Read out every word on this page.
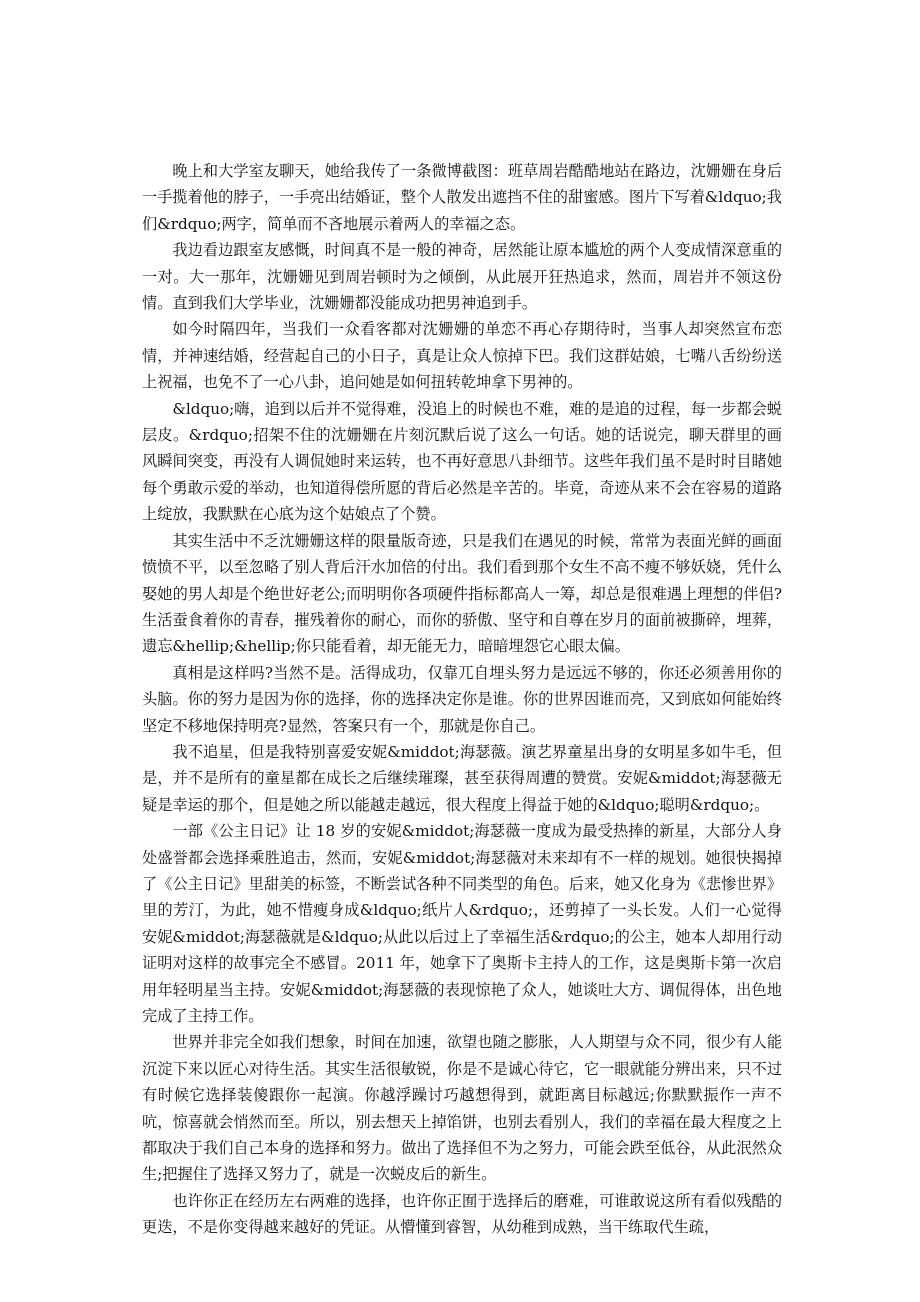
晚上和大学室友聊天，她给我传了一条微博截图：班草周岩酷酷地站在路边，沈姗姗在身后一手揽着他的脖子，一手亮出结婚证，整个人散发出遮挡不住的甜蜜感。图片下写着&ldquo;我们&rdquo;两字，简单而不吝地展示着两人的幸福之态。

我边看边跟室友感慨，时间真不是一般的神奇，居然能让原本尴尬的两个人变成情深意重的一对。大一那年，沈姗姗见到周岩顿时为之倾倒，从此展开狂热追求，然而，周岩并不领这份情。直到我们大学毕业，沈姗姗都没能成功把男神追到手。

如今时隔四年，当我们一众看客都对沈姗姗的单恋不再心存期待时，当事人却突然宣布恋情，并神速结婚，经营起自己的小日子，真是让众人惊掉下巴。我们这群姑娘，七嘴八舌纷纷送上祝福，也免不了一心八卦，追问她是如何扭转乾坤拿下男神的。

&ldquo;嗨，追到以后并不觉得难，没追上的时候也不难，难的是追的过程，每一步都会蜕层皮。&rdquo;招架不住的沈姗姗在片刻沉默后说了这么一句话。她的话说完，聊天群里的画风瞬间突变，再没有人调侃她时来运转，也不再好意思八卦细节。这些年我们虽不是时时目睹她每个勇敢示爱的举动，也知道得偿所愿的背后必然是辛苦的。毕竟，奇迹从来不会在容易的道路上绽放，我默默在心底为这个姑娘点了个赞。

其实生活中不乏沈姗姗这样的限量版奇迹，只是我们在遇见的时候，常常为表面光鲜的画面愤愤不平，以至忽略了别人背后汗水加倍的付出。我们看到那个女生不高不瘦不够妖娆，凭什么娶她的男人却是个绝世好老公;而明明你各项硬件指标都高人一筹，却总是很难遇上理想的伴侣?生活蚕食着你的青春，摧残着你的耐心，而你的骄傲、坚守和自尊在岁月的面前被撕碎，埋葬，遗忘&hellip;&hellip;你只能看着，却无能无力，暗暗埋怨它心眼太偏。

真相是这样吗?当然不是。活得成功，仅靠兀自埋头努力是远远不够的，你还必须善用你的头脑。你的努力是因为你的选择，你的选择决定你是谁。你的世界因谁而亮，又到底如何能始终坚定不移地保持明亮?显然，答案只有一个，那就是你自己。

我不追星，但是我特别喜爱安妮&middot;海瑟薇。演艺界童星出身的女明星多如牛毛，但是，并不是所有的童星都在成长之后继续璀璨，甚至获得周遭的赞赏。安妮&middot;海瑟薇无疑是幸运的那个，但是她之所以能越走越远，很大程度上得益于她的&ldquo;聪明&rdquo;。

一部《公主日记》让 18 岁的安妮&middot;海瑟薇一度成为最受热捧的新星，大部分人身处盛誉都会选择乘胜追击，然而，安妮&middot;海瑟薇对未来却有不一样的规划。她很快揭掉了《公主日记》里甜美的标签，不断尝试各种不同类型的角色。后来，她又化身为《悲惨世界》里的芳汀，为此，她不惜瘦身成&ldquo;纸片人&rdquo;，还剪掉了一头长发。人们一心觉得安妮&middot;海瑟薇就是&ldquo;从此以后过上了幸福生活&rdquo;的公主，她本人却用行动证明对这样的故事完全不感冒。2011 年，她拿下了奥斯卡主持人的工作，这是奥斯卡第一次启用年轻明星当主持。安妮&middot;海瑟薇的表现惊艳了众人，她谈吐大方、调侃得体，出色地完成了主持工作。

世界并非完全如我们想象，时间在加速，欲望也随之膨胀，人人期望与众不同，很少有人能沉淀下来以匠心对待生活。其实生活很敏锐，你是不是诚心待它，它一眼就能分辨出来，只不过有时候它选择装傻跟你一起演。你越浮躁讨巧越想得到，就距离目标越远;你默默振作一声不吭，惊喜就会悄然而至。所以，别去想天上掉馅饼，也别去看别人，我们的幸福在最大程度之上都取决于我们自己本身的选择和努力。做出了选择但不为之努力，可能会跌至低谷，从此泯然众生;把握住了选择又努力了，就是一次蜕皮后的新生。

也许你正在经历左右两难的选择，也许你正囿于选择后的磨难，可谁敢说这所有看似残酷的更迭，不是你变得越来越好的凭证。从懵懂到睿智，从幼稚到成熟，当干练取代生疏，
